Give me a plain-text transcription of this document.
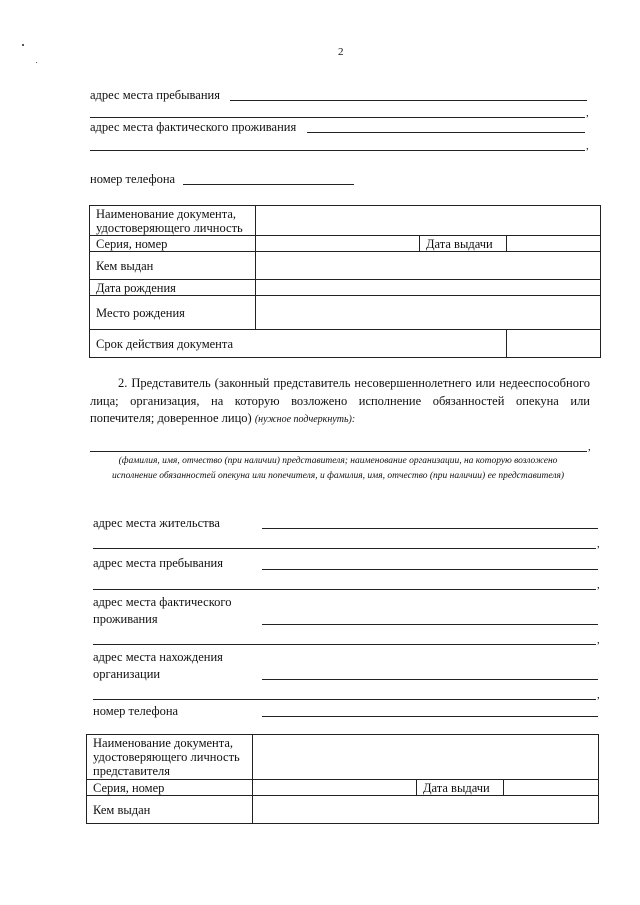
2
адрес места пребывания
,
адрес места фактического проживания
,
номер телефона
Наименование документа, удостоверяющего личность			
Серия, номер		Дата выдачи	
Кем выдан			
Дата рождения			
Место рождения			
Срок действия документа			
2. Представитель (законный представитель несовершеннолетнего или недееспособного лица; организация, на которую возложено исполнение обязанностей опекуна или попечителя; доверенное лицо) (нужное подчеркнуть):
,
(фамилия, имя, отчество (при наличии) представителя; наименование организации, на которую возложено исполнение обязанностей опекуна или попечителя, и фамилия, имя, отчество (при наличии) ее представителя)
адрес места жительства
,
адрес места пребывания
,
адрес места фактического
проживания
,
адрес места нахождения
организации
,
номер телефона
Наименование документа, удостоверяющего личность представителя			
Серия, номер		Дата выдачи	
Кем выдан			
